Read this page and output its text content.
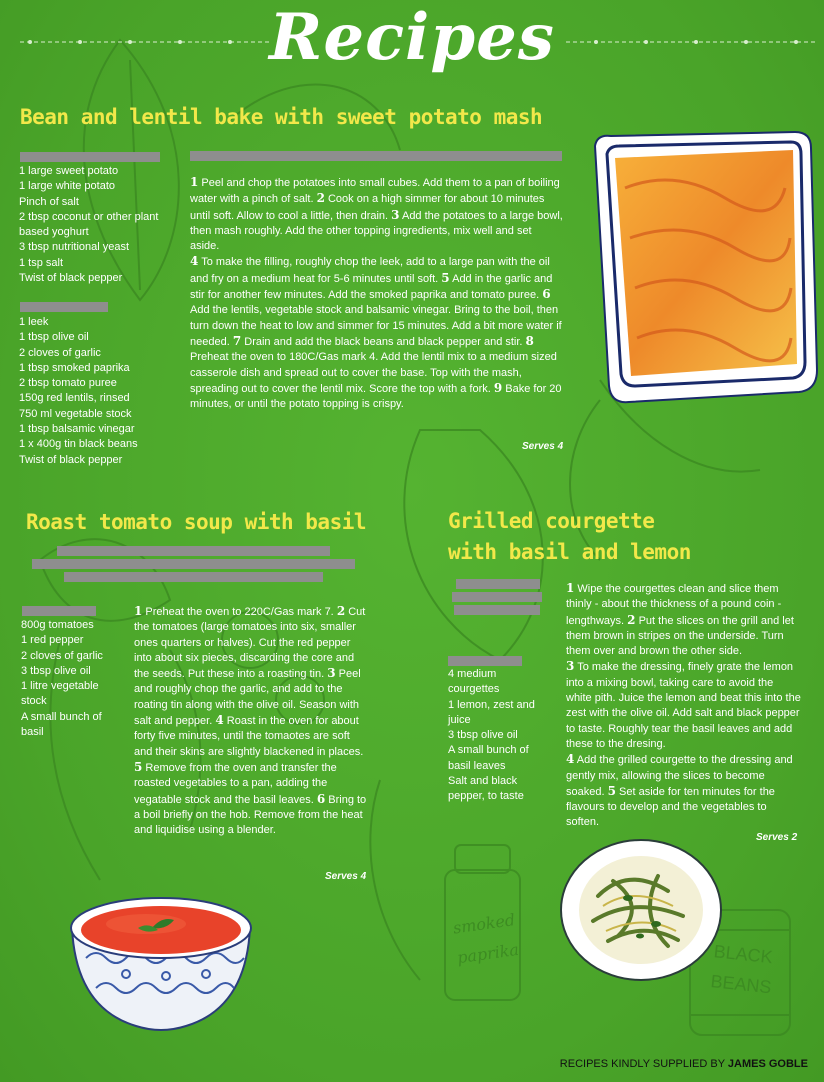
smoked
paprika	BLACK
BEANS
Recipes
Bean and lentil bake with sweet potato mash
1 large sweet potato
1 large white potato
Pinch of salt
2 tbsp coconut or other plant
based yoghurt
3 tbsp nutritional yeast
1 tsp salt
Twist of black pepper
1 leek
1 tbsp olive oil
2 cloves of garlic
1 tbsp smoked paprika
2 tbsp tomato puree
150g red lentils, rinsed
750 ml vegetable stock
1 tbsp balsamic vinegar
1 x 400g tin black beans
Twist of black pepper
1 Peel and chop the potatoes into small cubes. Add them to a pan of boiling water with a pinch of salt. 2 Cook on a high simmer for about 10 minutes until soft. Allow to cool a little, then drain. 3 Add the potatoes to a large bowl, then mash roughly. Add the other topping ingredients, mix well and set aside.
4 To make the filling, roughly chop the leek, add to a large pan with the oil and fry on a medium heat for 5-6 minutes until soft. 5 Add in the garlic and stir for another few minutes. Add the smoked paprika and tomato puree. 6 Add the lentils, vegetable stock and balsamic vinegar. Bring to the boil, then turn down the heat to low and simmer for 15 minutes. Add a bit more water if needed. 7 Drain and add the black beans and black pepper and stir. 8 Preheat the oven to 180C/Gas mark 4. Add the lentil mix to a medium sized casserole dish and spread out to cover the base. Top with the mash, spreading out to cover the lentil mix. Score the top with a fork. 9 Bake for 20 minutes, or until the potato topping is crispy.
Serves 4
Roast tomato soup with basil
800g tomatoes
1 red pepper
2 cloves of garlic
3 tbsp olive oil
1 litre vegetable
stock
A small bunch of
basil
1 Preheat the oven to 220C/Gas mark 7. 2 Cut the tomatoes (large tomatoes into six, smaller ones quarters or halves). Cut the red pepper into about six pieces, discarding the core and the seeds. Put these into a roasting tin. 3 Peel and roughly chop the garlic, and add to the roating tin along with the olive oil. Season with salt and pepper. 4 Roast in the oven for about forty five minutes, until the tomaotes are soft and their skins are slightly blackened in places. 5 Remove from the oven and transfer the roasted vegetables to a pan, adding the vegatable stock and the basil leaves. 6 Bring to a boil briefly on the hob. Remove from the heat and liquidise using a blender.
Serves 4
Grilled courgette
with basil and lemon
4 medium
courgettes
1 lemon, zest and
juice
3 tbsp olive oil
A small bunch of
basil leaves
Salt and black
pepper, to taste
1 Wipe the courgettes clean and slice them thinly - about the thickness of a pound coin - lengthways. 2 Put the slices on the grill and let them brown in stripes on the underside. Turn them over and brown the other side.
3 To make the dressing, finely grate the lemon into a mixing bowl, taking care to avoid the white pith. Juice the lemon and beat this into the zest with the olive oil. Add salt and black pepper to taste. Roughly tear the basil leaves and add these to the dresing.
4 Add the grilled courgette to the dressing and gently mix, allowing the slices to become soaked. 5 Set aside for ten minutes for the flavours to develop and the vegetables to soften.
Serves 2
RECIPES KINDLY SUPPLIED BY JAMES GOBLE
